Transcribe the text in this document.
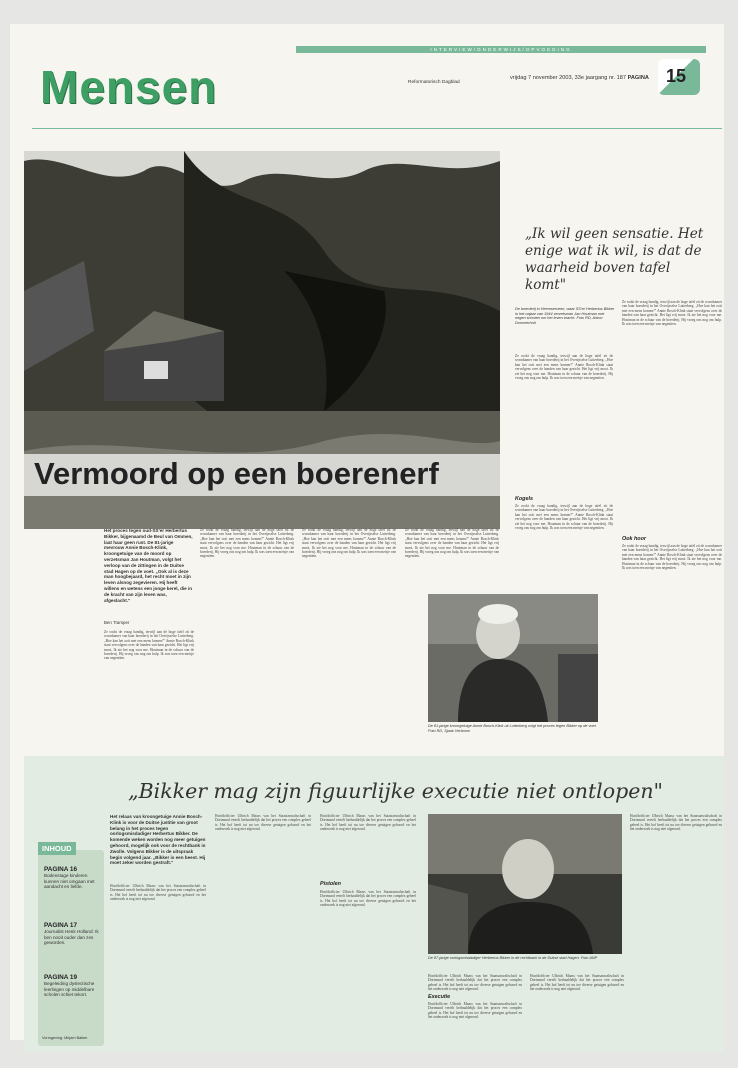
INTERVIEW/ONDERWIJS/OPVOEDING
Mensen	Reformatorisch Dagblad
vrijdag 7 november 2003, 33e jaargang nr. 187 PAGINA 15
Vermoord op een boerenerf
„Ik wil geen sensatie. Het enige wat ik wil, is dat de waarheid boven tafel komt"
De boerderij in Heemserveen, waar SS'er Herbertus Bikker in het najaar van 1944 verzetsman Jan Houtman met negen schoten om het leven bracht. Foto RD, Anton Dommerholt
Ze rookt de vraag handig, terwijl aan de hoge tafel zit de woonkamer van haar boerderij in het Overijsselse Lutterberg. „Hoe kan het ooit met een mens komen?" Annie Bosch-Klink staat vervolgens over de handen van haar gezicht. Het ligt vrij mooi. Ik zie het nog voor me. Houtman in de schuur van de boerderij. Hij vroeg ons nog om hulp. Ik was toen een meisje van negentien.
Kogels
Ze rookt de vraag handig, terwijl aan de hoge tafel zit de woonkamer van haar boerderij in het Overijsselse Lutterberg. „Hoe kan het ooit met een mens komen?" Annie Bosch-Klink staat vervolgens over de handen van haar gezicht. Het ligt vrij mooi. Ik zie het nog voor me. Houtman in de schuur van de boerderij. Hij vroeg ons nog om hulp. Ik was toen een meisje van negentien.
Ze rookt de vraag handig, terwijl aan de hoge tafel zit de woonkamer van haar boerderij in het Overijsselse Lutterberg. „Hoe kan het ooit met een mens komen?" Annie Bosch-Klink staat vervolgens over de handen van haar gezicht. Het ligt vrij mooi. Ik zie het nog voor me. Houtman in de schuur van de boerderij. Hij vroeg ons nog om hulp. Ik was toen een meisje van negentien.
Ook hoor
Ze rookt de vraag handig, terwijl aan de hoge tafel zit de woonkamer van haar boerderij in het Overijsselse Lutterberg. „Hoe kan het ooit met een mens komen?" Annie Bosch-Klink staat vervolgens over de handen van haar gezicht. Het ligt vrij mooi. Ik zie het nog voor me. Houtman in de schuur van de boerderij. Hij vroeg ons nog om hulp. Ik was toen een meisje van negentien.
Het proces tegen oud-SS'er Herbertus Bikker, bijgenaamd de Beul van Ommen, laat haar geen rust. De 81-jarige mevrouw Annie Bosch-Klink, kroongetuige van de moord op verzetsman Jan Houtman, volgt het verloop van de zittingen in de Duitse stad Hagen op de voet. „Ook al is deze man hoogbejaard, het recht moet in zijn leven alsnog zegevieren. Hij heeft willens en wetens een jonge kerel, die in de kracht van zijn leven was, afgeslacht."
Ben Tramper
Ze rookt de vraag handig, terwijl aan de hoge tafel zit de woonkamer van haar boerderij in het Overijsselse Lutterberg. „Hoe kan het ooit met een mens komen?" Annie Bosch-Klink staat vervolgens over de handen van haar gezicht. Het ligt vrij mooi. Ik zie het nog voor me. Houtman in de schuur van de boerderij. Hij vroeg ons nog om hulp. Ik was toen een meisje van negentien.
Ze rookt de vraag handig, terwijl aan de hoge tafel zit de woonkamer van haar boerderij in het Overijsselse Lutterberg. „Hoe kan het ooit met een mens komen?" Annie Bosch-Klink staat vervolgens over de handen van haar gezicht. Het ligt vrij mooi. Ik zie het nog voor me. Houtman in de schuur van de boerderij. Hij vroeg ons nog om hulp. Ik was toen een meisje van negentien.
Ze rookt de vraag handig, terwijl aan de hoge tafel zit de woonkamer van haar boerderij in het Overijsselse Lutterberg. „Hoe kan het ooit met een mens komen?" Annie Bosch-Klink staat vervolgens over de handen van haar gezicht. Het ligt vrij mooi. Ik zie het nog voor me. Houtman in de schuur van de boerderij. Hij vroeg ons nog om hulp. Ik was toen een meisje van negentien.
Ze rookt de vraag handig, terwijl aan de hoge tafel zit de woonkamer van haar boerderij in het Overijsselse Lutterberg. „Hoe kan het ooit met een mens komen?" Annie Bosch-Klink staat vervolgens over de handen van haar gezicht. Het ligt vrij mooi. Ik zie het nog voor me. Houtman in de schuur van de boerderij. Hij vroeg ons nog om hulp. Ik was toen een meisje van negentien.
De 81-jarige kroongetuige Annie Bosch-Klink uit Lutterberg volgt het proces tegen Bikker op de voet. Foto RD, Sjaak Verboom
„Bikker mag zijn figuurlijke executie niet ontlopen"
Het relaas van kroongetuige Annie Bosch-Klink is voor de Duitse justitie van groot belang in het proces tegen oorlogsmisdadiger Herbertus Bikker. De komende weken worden nog meer getuigen gehoord, mogelijk ook voor de rechtbank in Zwolle. Volgens Bikker is de uitspraak begin volgend jaar. „Bikker is een beest. Hij moet zeker worden gestraft."
Hoofdofficier Ulbrich Maass van het Staatsanwaltschaft in Dortmund vertelt herhaaldelijk dat het proces een complex geheel is. Het hof heeft tot nu toe diverse getuigen gehoord en het onderzoek is nog niet afgerond.
Hoofdofficier Ulbrich Maass van het Staatsanwaltschaft in Dortmund vertelt herhaaldelijk dat het proces een complex geheel is. Het hof heeft tot nu toe diverse getuigen gehoord en het onderzoek is nog niet afgerond.
Hoofdofficier Ulbrich Maass van het Staatsanwaltschaft in Dortmund vertelt herhaaldelijk dat het proces een complex geheel is. Het hof heeft tot nu toe diverse getuigen gehoord en het onderzoek is nog niet afgerond.
Pistolen
Hoofdofficier Ulbrich Maass van het Staatsanwaltschaft in Dortmund vertelt herhaaldelijk dat het proces een complex geheel is. Het hof heeft tot nu toe diverse getuigen gehoord en het onderzoek is nog niet afgerond.
Hoofdofficier Ulbrich Maass van het Staatsanwaltschaft in Dortmund vertelt herhaaldelijk dat het proces een complex geheel is. Het hof heeft tot nu toe diverse getuigen gehoord en het onderzoek is nog niet afgerond.
Executie
Hoofdofficier Ulbrich Maass van het Staatsanwaltschaft in Dortmund vertelt herhaaldelijk dat het proces een complex geheel is. Het hof heeft tot nu toe diverse getuigen gehoord en het onderzoek is nog niet afgerond.
Hoofdofficier Ulbrich Maass van het Staatsanwaltschaft in Dortmund vertelt herhaaldelijk dat het proces een complex geheel is. Het hof heeft tot nu toe diverse getuigen gehoord en het onderzoek is nog niet afgerond.
Hoofdofficier Ulbrich Maass van het Staatsanwaltschaft in Dortmund vertelt herhaaldelijk dat het proces een complex geheel is. Het hof heeft tot nu toe diverse getuigen gehoord en het onderzoek is nog niet afgerond.
De 87-jarige oorlogsmisdadiger Herbertus Bikker in de rechtbank in de Duitse stad Hagen. Foto ANP
INHOUD
PAGINA 16
Bodenstage kinderen kunnen niet omgaan met aandacht en liefde.
PAGINA 17
Journalist Henk Holland: Ik ben nooit ouder dan zes geworden.
PAGINA 19
Begeleiding dyslectische leerlingen op middelbare scholen schiet tekort.
Vormgeving: Mirjam Balker
